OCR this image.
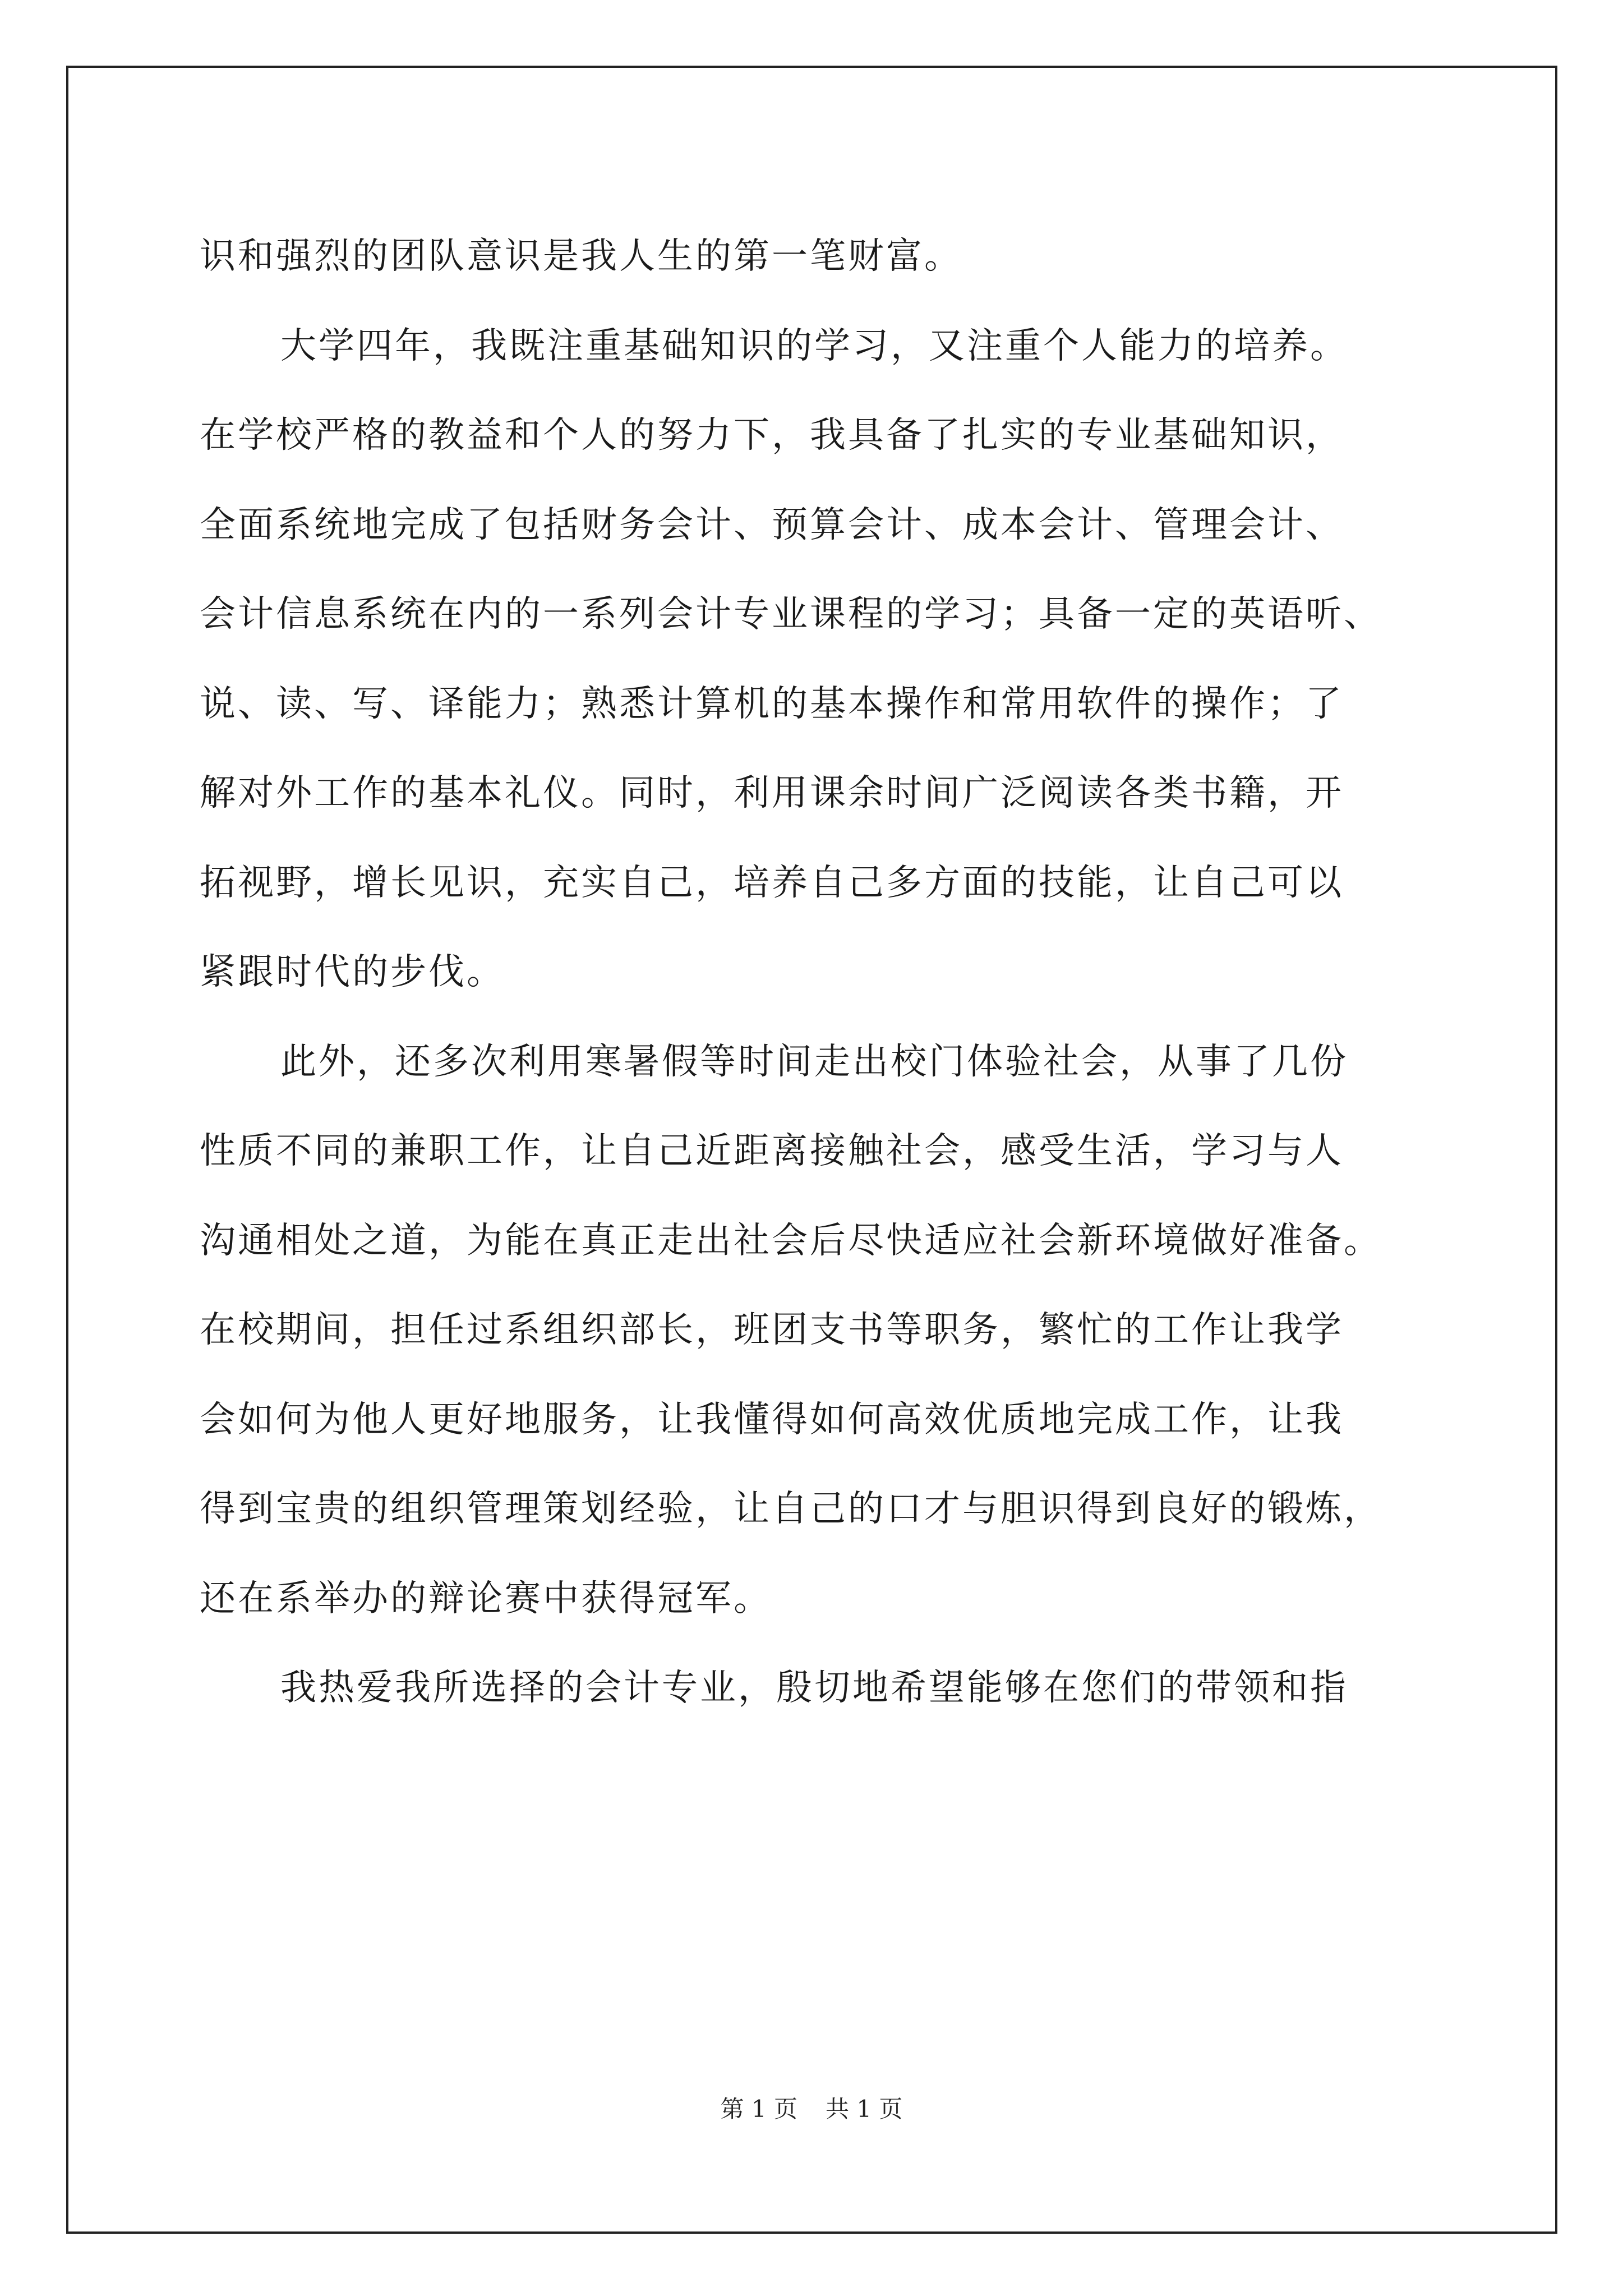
识和强烈的团队意识是我人生的第一笔财富。
大学四年，我既注重基础知识的学习，又注重个人能力的培养。
在学校严格的教益和个人的努力下，我具备了扎实的专业基础知识，
全面系统地完成了包括财务会计、预算会计、成本会计、管理会计、
会计信息系统在内的一系列会计专业课程的学习；具备一定的英语听、
说、读、写、译能力；熟悉计算机的基本操作和常用软件的操作；了
解对外工作的基本礼仪。同时，利用课余时间广泛阅读各类书籍，开
拓视野，增长见识，充实自己，培养自己多方面的技能，让自己可以
紧跟时代的步伐。
此外，还多次利用寒暑假等时间走出校门体验社会，从事了几份
性质不同的兼职工作，让自己近距离接触社会，感受生活，学习与人
沟通相处之道，为能在真正走出社会后尽快适应社会新环境做好准备。
在校期间，担任过系组织部长，班团支书等职务，繁忙的工作让我学
会如何为他人更好地服务，让我懂得如何高效优质地完成工作，让我
得到宝贵的组织管理策划经验，让自己的口才与胆识得到良好的锻炼，
还在系举办的辩论赛中获得冠军。
我热爱我所选择的会计专业，殷切地希望能够在您们的带领和指
第 1 页 共 1 页
